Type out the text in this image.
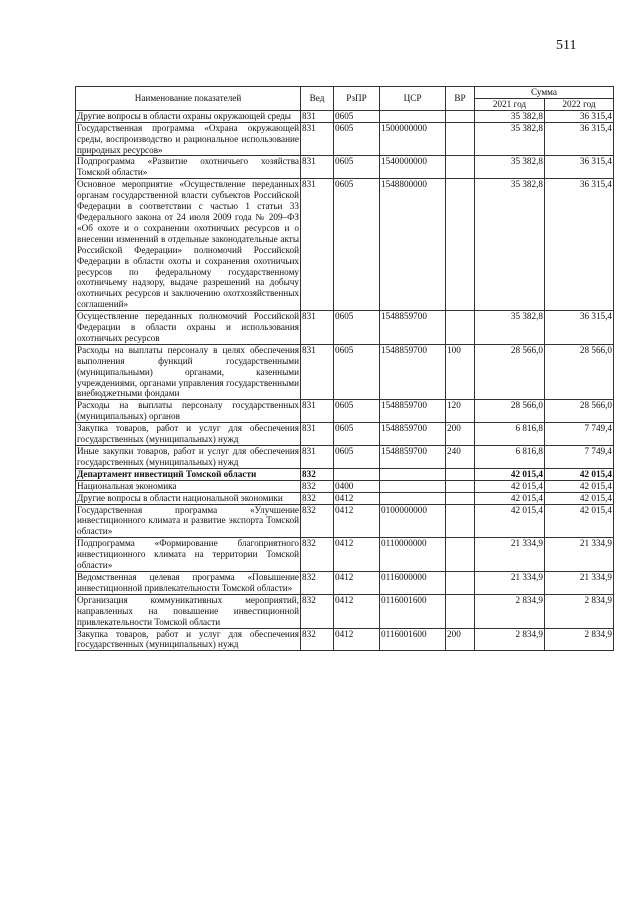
511
Наименование показателей	Вед	РзПР	ЦСР	ВР	Сумма	
					2021 год	2022 год
Другие вопросы в области охраны окружающей среды	831	0605			35 382,8	36 315,4
Государственная программа «Охрана окружающей среды, воспроизводство и рациональное использование природных ресурсов»	831	0605	1500000000		35 382,8	36 315,4
Подпрограмма «Развитие охотничьего хозяйства Томской области»	831	0605	1540000000		35 382,8	36 315,4
Основное мероприятие «Осуществление переданных органам государственной власти субъектов Российской Федерации в соответствии с частью 1 статьи 33 Федерального закона от 24 июля 2009 года № 209–ФЗ «Об охоте и о сохранении охотничьих ресурсов и о внесении изменений в отдельные законодательные акты Российской Федерации» полномочий Российской Федерации в области охоты и сохранения охотничьих ресурсов по федеральному государственному охотничьему надзору, выдаче разрешений на добычу охотничьих ресурсов и заключению охотхозяйственных соглашений»	831	0605	1548800000		35 382,8	36 315,4
Осуществление переданных полномочий Российской Федерации в области охраны и использования охотничьих ресурсов	831	0605	1548859700		35 382,8	36 315,4
Расходы на выплаты персоналу в целях обеспечения выполнения функций государственными (муниципальными) органами, казенными учреждениями, органами управления государственными внебюджетными фондами	831	0605	1548859700	100	28 566,0	28 566,0
Расходы на выплаты персоналу государственных (муниципальных) органов	831	0605	1548859700	120	28 566,0	28 566,0
Закупка товаров, работ и услуг для обеспечения государственных (муниципальных) нужд	831	0605	1548859700	200	6 816,8	7 749,4
Иные закупки товаров, работ и услуг для обеспечения государственных (муниципальных) нужд	831	0605	1548859700	240	6 816,8	7 749,4
Департамент инвестиций Томской области	832				42 015,4	42 015,4
Национальная экономика	832	0400			42 015,4	42 015,4
Другие вопросы в области национальной экономики	832	0412			42 015,4	42 015,4
Государственная программа «Улучшение инвестиционного климата и развитие экспорта Томской области»	832	0412	0100000000		42 015,4	42 015,4
Подпрограмма «Формирование благоприятного инвестиционного климата на территории Томской области»	832	0412	0110000000		21 334,9	21 334,9
Ведомственная целевая программа «Повышение инвестиционной привлекательности Томской области»	832	0412	0116000000		21 334,9	21 334,9
Организация коммуникативных мероприятий, направленных на повышение инвестиционной привлекательности Томской области	832	0412	0116001600		2 834,9	2 834,9
Закупка товаров, работ и услуг для обеспечения государственных (муниципальных) нужд	832	0412	0116001600	200	2 834,9	2 834,9
